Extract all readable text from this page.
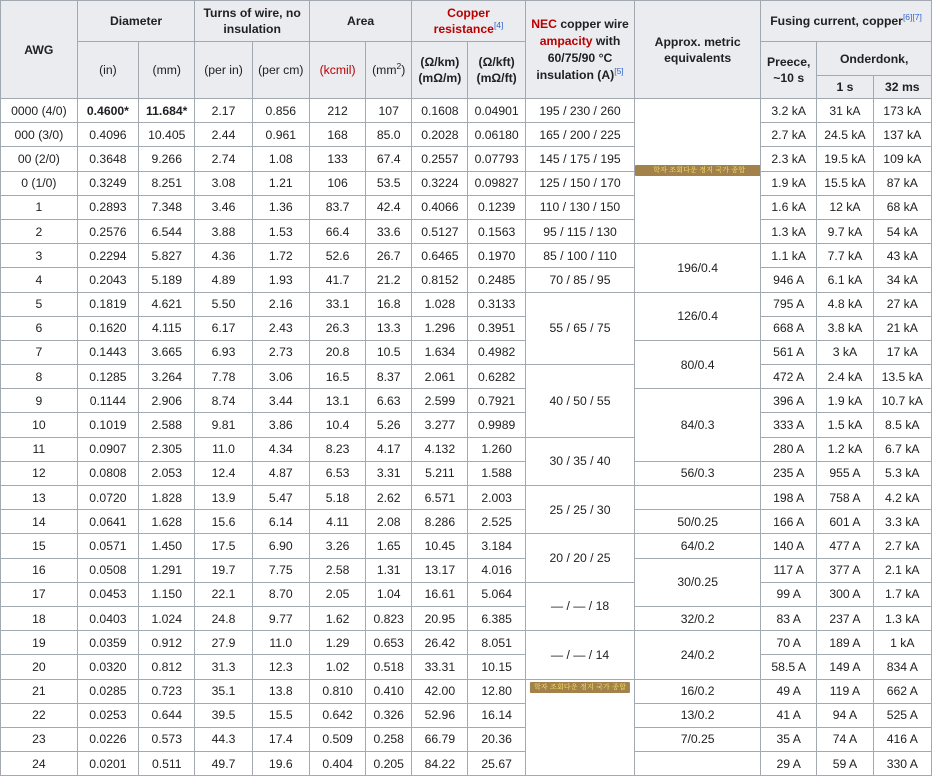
AWG	Diameter		Turns of wire, no insulation		Area		Copper resistance[4]		NEC copper wire ampacity with 60/75/90 °C insulation (A)[5]	Approx. metric equivalents	Fusing current, copper[6][7]
	(in)	(mm)	(per in)	(per cm)	(kcmil)	$(mm^2)$	(Ω/km) (mΩ/m)	(Ω/kft) (mΩ/ft)			Preece, ~10 s	Onderdonk,	
												1 s	32 ms
0000 (4/0)	0.4600*	11.684*	2.17	0.856	212	107	0.1608	0.04901	195 / 230 / 260	학자 조회다운 정지 국가 종합	3.2 kA	31 kA	173 kA
000 (3/0)	0.4096	10.405	2.44	0.961	168	85.0	0.2028	0.06180	165 / 200 / 225		2.7 kA	24.5 kA	137 kA
00 (2/0)	0.3648	9.266	2.74	1.08	133	67.4	0.2557	0.07793	145 / 175 / 195		2.3 kA	19.5 kA	109 kA
0 (1/0)	0.3249	8.251	3.08	1.21	106	53.5	0.3224	0.09827	125 / 150 / 170		1.9 kA	15.5 kA	87 kA
1	0.2893	7.348	3.46	1.36	83.7	42.4	0.4066	0.1239	110 / 130 / 150		1.6 kA	12 kA	68 kA
2	0.2576	6.544	3.88	1.53	66.4	33.6	0.5127	0.1563	95 / 115 / 130		1.3 kA	9.7 kA	54 kA
3	0.2294	5.827	4.36	1.72	52.6	26.7	0.6465	0.1970	85 / 100 / 110	196/0.4	1.1 kA	7.7 kA	43 kA
4	0.2043	5.189	4.89	1.93	41.7	21.2	0.8152	0.2485	70 / 85 / 95		946 A	6.1 kA	34 kA
5	0.1819	4.621	5.50	2.16	33.1	16.8	1.028	0.3133	55 / 65 / 75	126/0.4	795 A	4.8 kA	27 kA
6	0.1620	4.115	6.17	2.43	26.3	13.3	1.296	0.3951			668 A	3.8 kA	21 kA
7	0.1443	3.665	6.93	2.73	20.8	10.5	1.634	0.4982		80/0.4	561 A	3 kA	17 kA
8	0.1285	3.264	7.78	3.06	16.5	8.37	2.061	0.6282	40 / 50 / 55		472 A	2.4 kA	13.5 kA
9	0.1144	2.906	8.74	3.44	13.1	6.63	2.599	0.7921		84/0.3	396 A	1.9 kA	10.7 kA
10	0.1019	2.588	9.81	3.86	10.4	5.26	3.277	0.9989			333 A	1.5 kA	8.5 kA
11	0.0907	2.305	11.0	4.34	8.23	4.17	4.132	1.260	30 / 35 / 40		280 A	1.2 kA	6.7 kA
12	0.0808	2.053	12.4	4.87	6.53	3.31	5.211	1.588		56/0.3	235 A	955 A	5.3 kA
13	0.0720	1.828	13.9	5.47	5.18	2.62	6.571	2.003	25 / 25 / 30		198 A	758 A	4.2 kA
14	0.0641	1.628	15.6	6.14	4.11	2.08	8.286	2.525		50/0.25	166 A	601 A	3.3 kA
15	0.0571	1.450	17.5	6.90	3.26	1.65	10.45	3.184	20 / 20 / 25	64/0.2	140 A	477 A	2.7 kA
16	0.0508	1.291	19.7	7.75	2.58	1.31	13.17	4.016		30/0.25	117 A	377 A	2.1 kA
17	0.0453	1.150	22.1	8.70	2.05	1.04	16.61	5.064	— / — / 18		99 A	300 A	1.7 kA
18	0.0403	1.024	24.8	9.77	1.62	0.823	20.95	6.385		32/0.2	83 A	237 A	1.3 kA
19	0.0359	0.912	27.9	11.0	1.29	0.653	26.42	8.051	— / — / 14	24/0.2	70 A	189 A	1 kA
20	0.0320	0.812	31.3	12.3	1.02	0.518	33.31	10.15			58.5 A	149 A	834 A
21	0.0285	0.723	35.1	13.8	0.810	0.410	42.00	12.80	학자 조회다운 정지 국가 종합	16/0.2	49 A	119 A	662 A
22	0.0253	0.644	39.5	15.5	0.642	0.326	52.96	16.14		13/0.2	41 A	94 A	525 A
23	0.0226	0.573	44.3	17.4	0.509	0.258	66.79	20.36		7/0.25	35 A	74 A	416 A
24	0.0201	0.511	49.7	19.6	0.404	0.205	84.22	25.67			29 A	59 A	330 A
